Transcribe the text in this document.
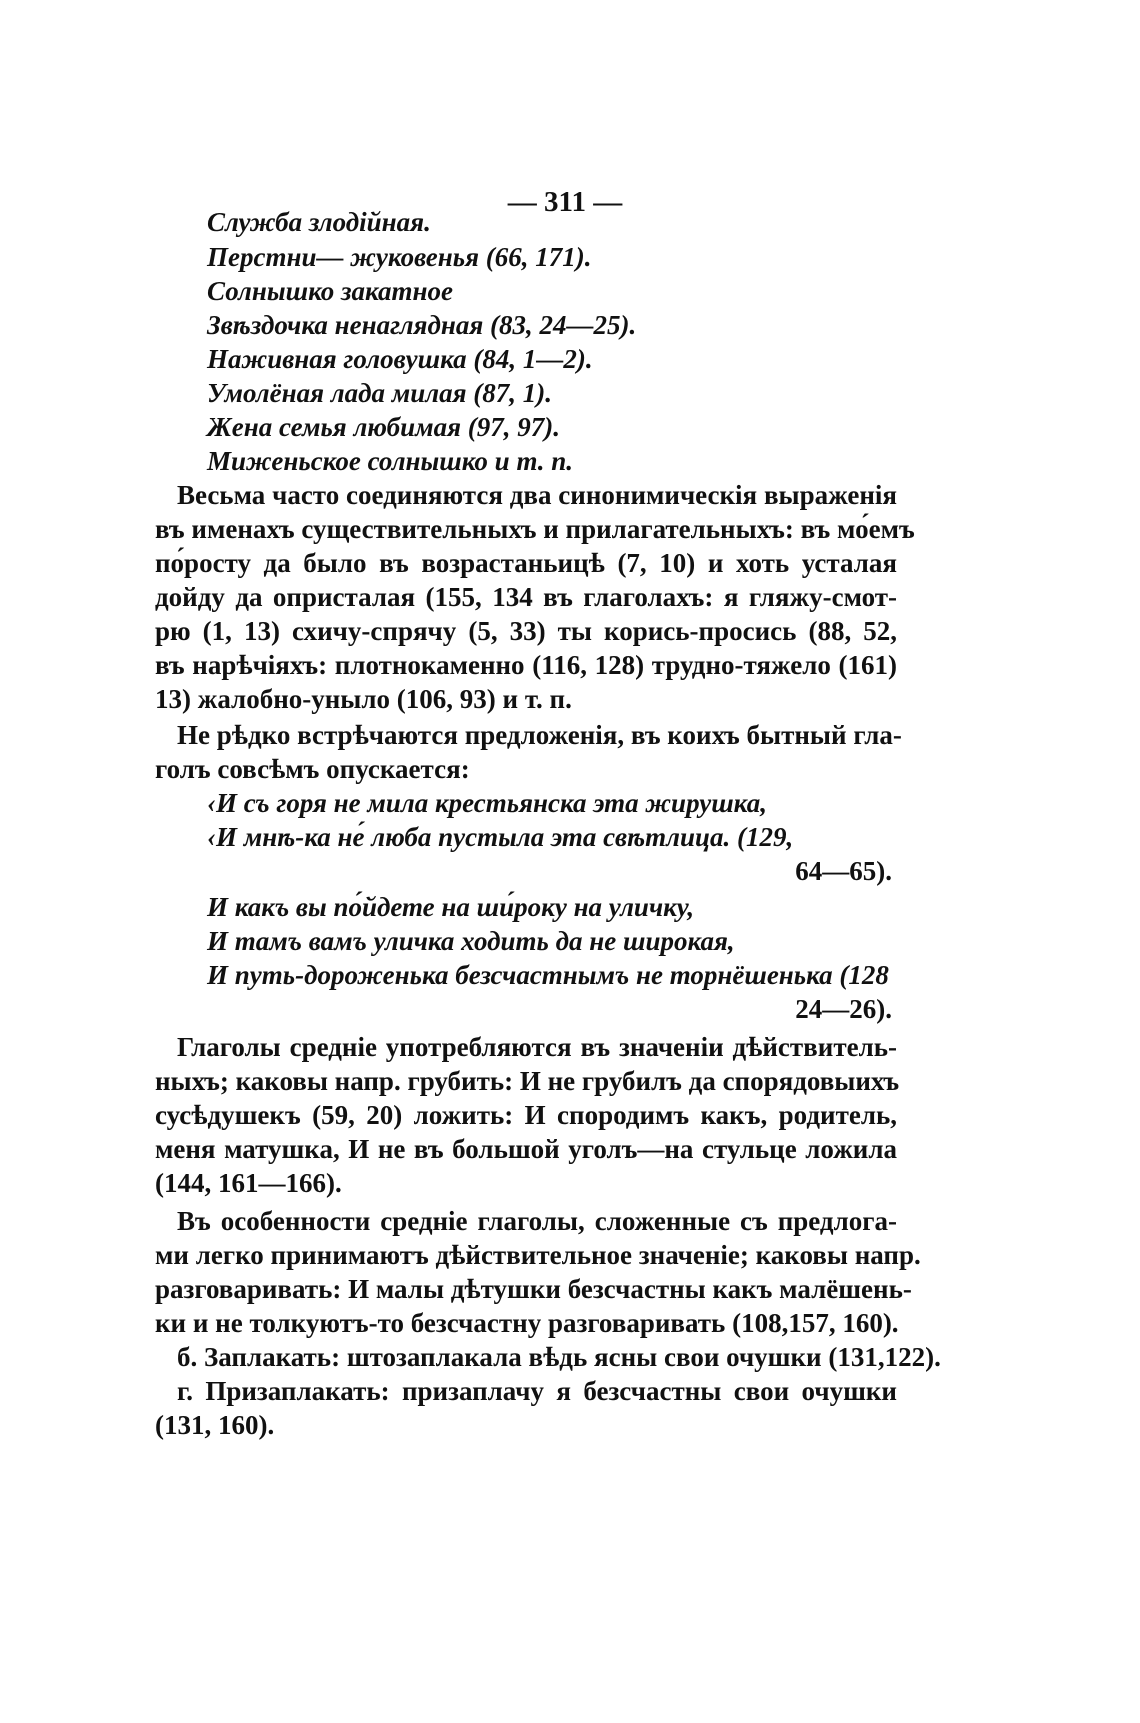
— 311 —
Служба злодійная.
Перстни— жуковенья (66, 171).
Солнышко закатное
Звѣздочка ненаглядная (83, 24—25).
Наживная головушка (84, 1—2).
Умолёная лада милая (87, 1).
Жена семья любимая (97, 97).
Миженьское солнышко и т. п.
Весьма часто соединяются два синонимическія выраженія
въ именахъ существительныхъ и прилагательныхъ: въ мо́емъ
по́росту да было въ возрастаньицѣ (7, 10) и хоть усталая
дойду да опристалая (155, 134 въ глаголахъ: я гляжу-смот-
рю (1, 13) схичу-спрячу (5, 33) ты корись-просись (88, 52,
въ нарѣчіяхъ: плотнокаменно (116, 128) трудно-тяжело (161)
13) жалобно-уныло (106, 93) и т. п.
Не рѣдко встрѣчаются предложенія, въ коихъ бытный гла-
голъ совсѣмъ опускается:
‹И съ горя не мила крестьянска эта жирушка,
‹И мнѣ-ка не́ люба пустыла эта свѣтлица. (129,
64—65).
И какъ вы по́йдете на ши́року на уличку,
И тамъ вамъ уличка ходить да не широкая,
И путь-дороженька безсчастнымъ не торнёшенька (128
24—26).
Глаголы средніе употребляются въ значеніи дѣйствитель-
ныхъ; каковы напр. грубить: И не грубилъ да спорядовыихъ
сусѣдушекъ (59, 20) ложить: И спородимъ какъ, родитель,
меня матушка, И не въ большой уголъ—на стульце ложила
(144, 161—166).
Въ особенности средніе глаголы, сложенные съ предлога-
ми легко принимаютъ дѣйствительное значеніе; каковы напр.
разговаривать: И малы дѣтушки безсчастны какъ малёшень-
ки и не толкуютъ-то безсчастну разговаривать (108,157, 160).
б. Заплакать: штозаплакала вѣдь ясны свои очушки (131,122).
г. Призаплакать: призаплачу я безсчастны свои очушки
(131, 160).
